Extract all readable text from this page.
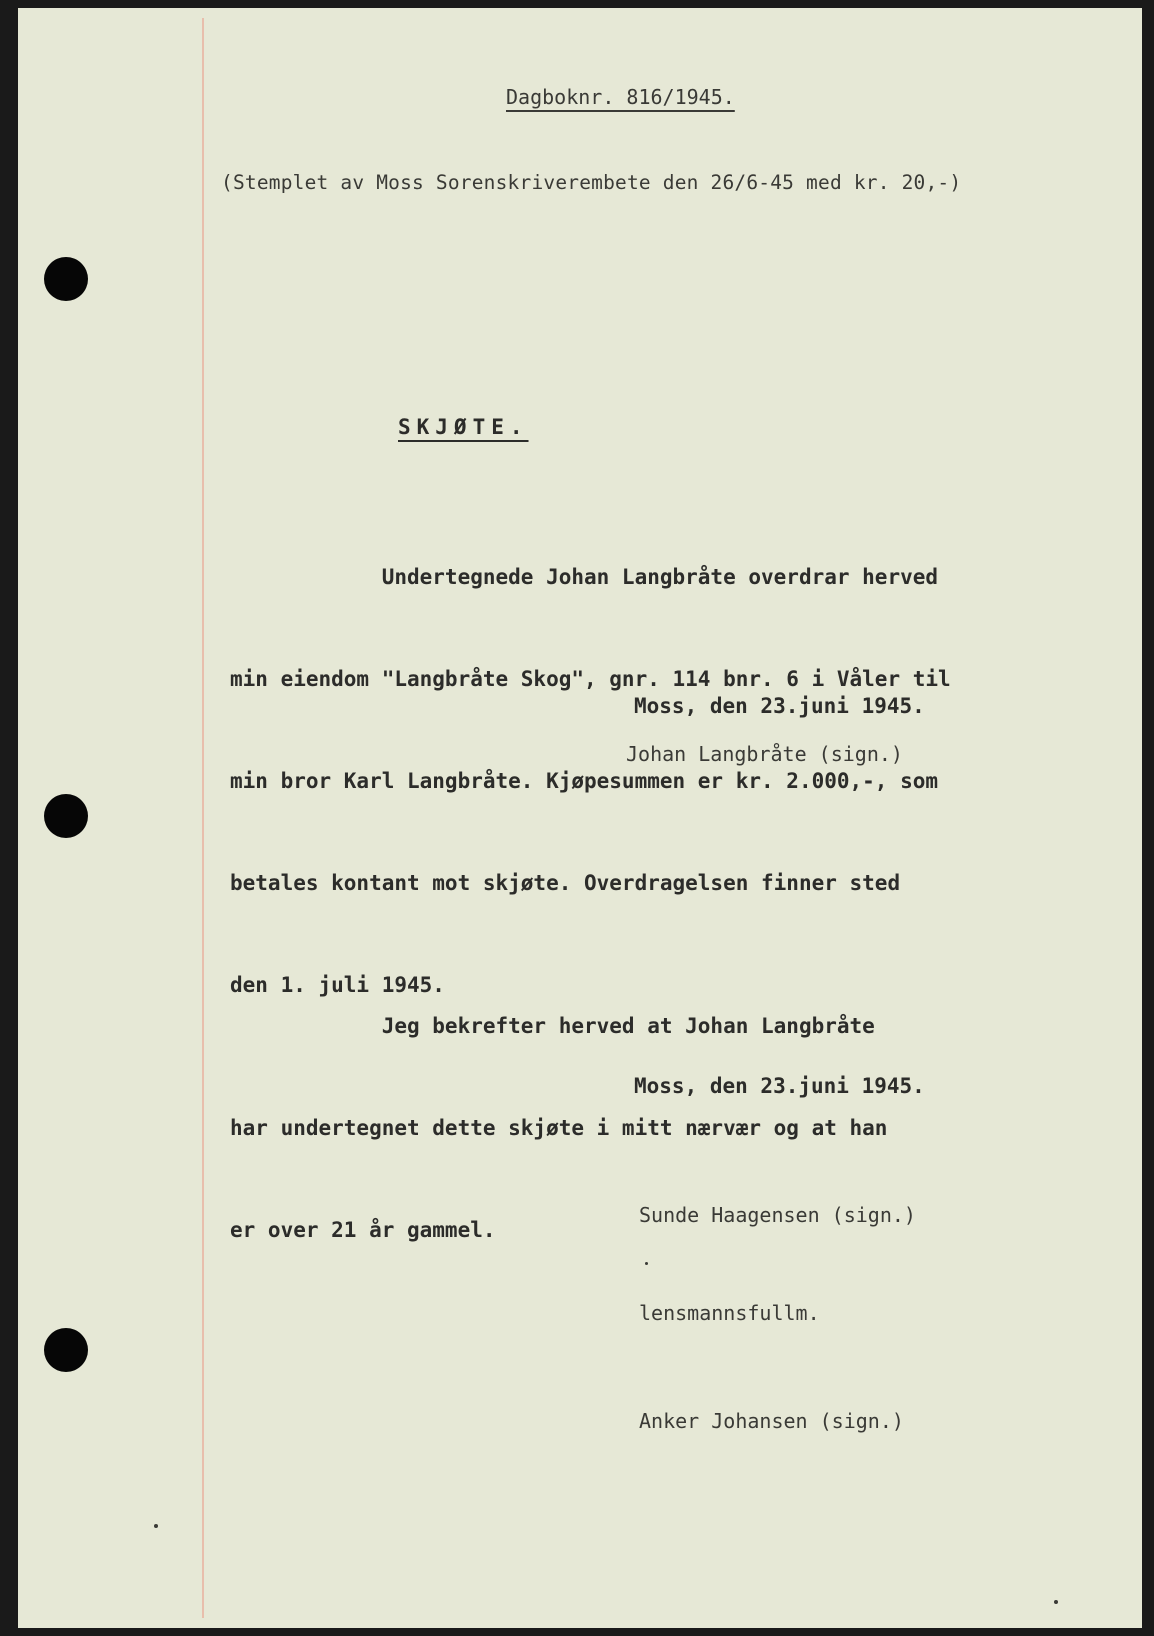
Dagboknr. 816/1945.
(Stemplet av Moss Sorenskriverembete den 26/6-45 med kr. 20,-)
SKJØTE.

Undertegnede Johan Langbråte overdrar herved

min eiendom "Langbråte Skog", gnr. 114 bnr. 6 i Våler til

min bror Karl Langbråte. Kjøpesummen er kr. 2.000,-, som

betales kontant mot skjøte. Overdragelsen finner sted

den 1. juli 1945.

Moss, den 23.juni 1945.
Johan Langbråte (sign.)

Jeg bekrefter herved at Johan Langbråte

har undertegnet dette skjøte i mitt nærvær og at han

er over 21 år gammel.

Moss, den 23.juni 1945.

Sunde Haagensen (sign.)

lensmannsfullm.

Anker Johansen (sign.)
